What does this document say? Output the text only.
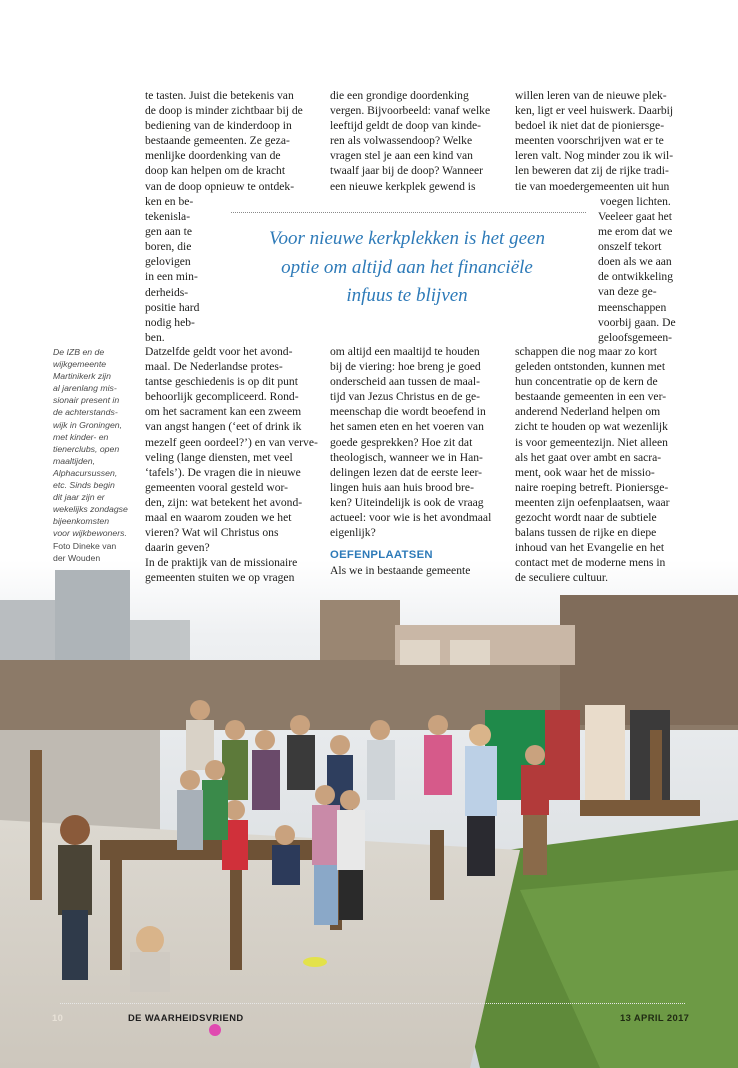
te tasten. Juist die betekenis van
de doop is minder zichtbaar bij de
bediening van de kinderdoop in
bestaande gemeenten. Ze geza-
menlijke doordenking van de
doop kan helpen om de kracht
van de doop opnieuw te ontdek-
ken en be-
tekenisla-
gen aan te
boren, die
gelovigen
in een min-
derheids-
positie hard
nodig heb-
ben.
die een grondige doordenking
vergen. Bijvoorbeeld: vanaf welke
leeftijd geldt de doop van kinde-
ren als volwassendoop? Welke
vragen stel je aan een kind van
twaalf jaar bij de doop? Wanneer
een nieuwe kerkplek gewend is
willen leren van de nieuwe plek-
ken, ligt er veel huiswerk. Daarbij
bedoel ik niet dat de pioniersge-
meenten voorschrijven wat er te
leren valt. Nog minder zou ik wil-
len beweren dat zij de rijke tradi-
tie van moedergemeenten uit hun
voegen lichten.
Veeleer gaat het
me erom dat we
onszelf tekort
doen als we aan
de ontwikkeling
van deze ge-
meenschappen
voorbij gaan. De
geloofsgemeen-

Voor nieuwe kerkplekken is het geen optie om altijd aan het financiële infuus te blijven

De IZB en de
wijkgemeente
Martinikerk zijn
al jarenlang mis-
sionair present in
de achterstands-
wijk in Groningen,
met kinder- en
tienerclubs, open
maaltijden,
Alphacursussen,
etc. Sinds begin
dit jaar zijn er
wekelijks zondagse
bijeenkomsten
voor wijkbewoners.
Foto Dineke van
der Wouden

Datzelfde geldt voor het avond-
maal. De Nederlandse protes-
tantse geschiedenis is op dit punt
behoorlijk gecompliceerd. Rond-
om het sacrament kan een zweem
van angst hangen (‘eet of drink ik
mezelf geen oordeel?’) en van verve-
veling (lange diensten, met veel
‘tafels’). De vragen die in nieuwe
gemeenten vooral gesteld wor-
den, zijn: wat betekent het avond-
maal en waarom zouden we het
vieren? Wat wil Christus ons
daarin geven?
In de praktijk van de missionaire
gemeenten stuiten we op vragen
om altijd een maaltijd te houden
bij de viering: hoe breng je goed
onderscheid aan tussen de maal-
tijd van Jezus Christus en de ge-
meenschap die wordt beoefend in
het samen eten en het voeren van
goede gesprekken? Hoe zit dat
theologisch, wanneer we in Han-
delingen lezen dat de eerste leer-
lingen huis aan huis brood bre-
ken? Uiteindelijk is ook de vraag
actueel: voor wie is het avondmaal
eigenlijk?
OEFENPLAATSEN
Als we in bestaande gemeente
schappen die nog maar zo kort
geleden ontstonden, kunnen met
hun concentratie op de kern de
bestaande gemeenten in een ver-
anderend Nederland helpen om
zicht te houden op wat wezenlijk
is voor gemeentezijn. Niet alleen
als het gaat over ambt en sacra-
ment, ook waar het de missio-
naire roeping betreft. Pioniersge-
meenten zijn oefenplaatsen, waar
gezocht wordt naar de subtiele
balans tussen de rijke en diepe
inhoud van het Evangelie en het
contact met de moderne mens in
de seculiere cultuur.
10	DE WAARHEIDSVRIEND	13 APRIL 2017
